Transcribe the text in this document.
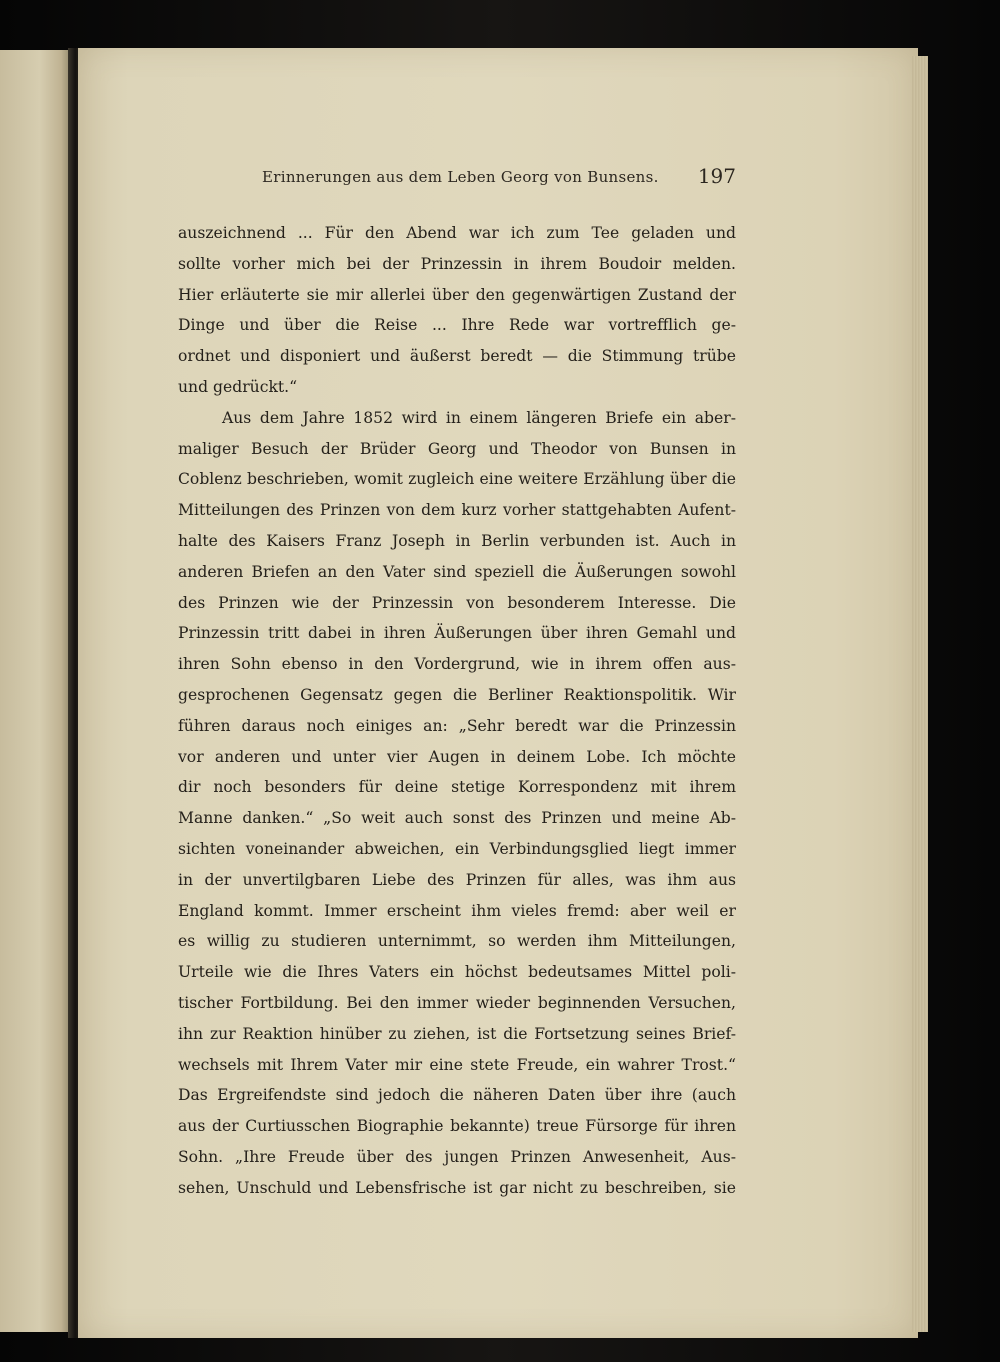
Erinnerungen aus dem Leben Georg von Bunsens. 197
auszeichnend ... Für den Abend war ich zum Tee geladen und
sollte vorher mich bei der Prinzessin in ihrem Boudoir melden.
Hier erläuterte sie mir allerlei über den gegenwärtigen Zustand der
Dinge und über die Reise ... Ihre Rede war vortrefflich ge-
ordnet und disponiert und äußerst beredt — die Stimmung trübe
und gedrückt.“
Aus dem Jahre 1852 wird in einem längeren Briefe ein aber-
maliger Besuch der Brüder Georg und Theodor von Bunsen in
Coblenz beschrieben, womit zugleich eine weitere Erzählung über die
Mitteilungen des Prinzen von dem kurz vorher stattgehabten Aufent-
halte des Kaisers Franz Joseph in Berlin verbunden ist. Auch in
anderen Briefen an den Vater sind speziell die Äußerungen sowohl
des Prinzen wie der Prinzessin von besonderem Interesse. Die
Prinzessin tritt dabei in ihren Äußerungen über ihren Gemahl und
ihren Sohn ebenso in den Vordergrund, wie in ihrem offen aus-
gesprochenen Gegensatz gegen die Berliner Reaktionspolitik. Wir
führen daraus noch einiges an: „Sehr beredt war die Prinzessin
vor anderen und unter vier Augen in deinem Lobe. Ich möchte
dir noch besonders für deine stetige Korrespondenz mit ihrem
Manne danken.“ „So weit auch sonst des Prinzen und meine Ab-
sichten voneinander abweichen, ein Verbindungsglied liegt immer
in der unvertilgbaren Liebe des Prinzen für alles, was ihm aus
England kommt. Immer erscheint ihm vieles fremd: aber weil er
es willig zu studieren unternimmt, so werden ihm Mitteilungen,
Urteile wie die Ihres Vaters ein höchst bedeutsames Mittel poli-
tischer Fortbildung. Bei den immer wieder beginnenden Versuchen,
ihn zur Reaktion hinüber zu ziehen, ist die Fortsetzung seines Brief-
wechsels mit Ihrem Vater mir eine stete Freude, ein wahrer Trost.“
Das Ergreifendste sind jedoch die näheren Daten über ihre (auch
aus der Curtiusschen Biographie bekannte) treue Fürsorge für ihren
Sohn. „Ihre Freude über des jungen Prinzen Anwesenheit, Aus-
sehen, Unschuld und Lebensfrische ist gar nicht zu beschreiben, sie
